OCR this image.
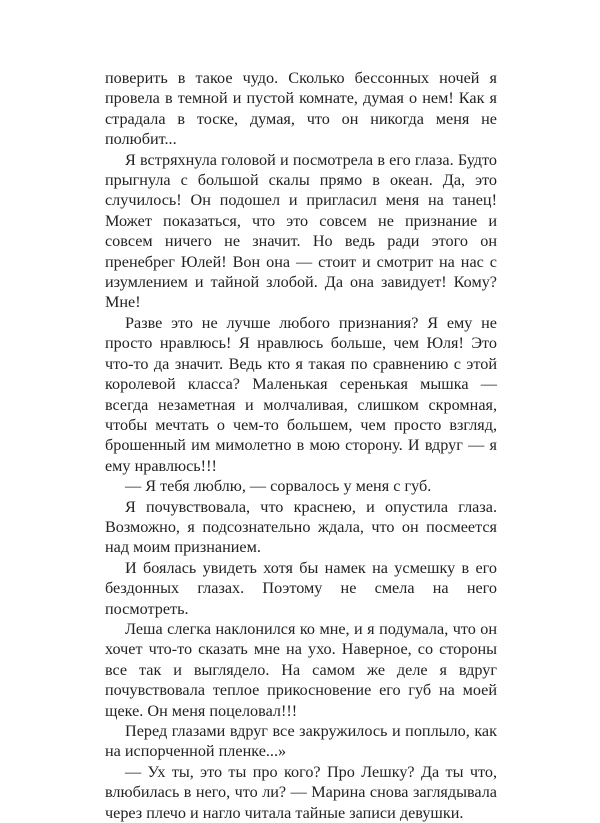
поверить в такое чудо. Сколько бессонных ночей я провела в темной и пустой комнате, думая о нем! Как я страдала в тоске, думая, что он никогда меня не полюбит...

Я встряхнула головой и посмотрела в его глаза. Будто прыгнула с большой скалы прямо в океан. Да, это случилось! Он подошел и пригласил меня на танец! Может показаться, что это совсем не признание и совсем ничего не значит. Но ведь ради этого он пренебрег Юлей! Вон она — стоит и смотрит на нас с изумлением и тайной злобой. Да она завидует! Кому? Мне!

Разве это не лучше любого признания? Я ему не просто нравлюсь! Я нравлюсь больше, чем Юля! Это что-то да значит. Ведь кто я такая по сравнению с этой королевой класса? Маленькая серенькая мышка — всегда незаметная и молчаливая, слишком скромная, чтобы мечтать о чем-то большем, чем просто взгляд, брошенный им мимолетно в мою сторону. И вдруг — я ему нравлюсь!!!

— Я тебя люблю, — сорвалось у меня с губ.

Я почувствовала, что краснею, и опустила глаза. Возможно, я подсознательно ждала, что он посмеется над моим признанием.

И боялась увидеть хотя бы намек на усмешку в его бездонных глазах. Поэтому не смела на него посмотреть.

Леша слегка наклонился ко мне, и я подумала, что он хочет что-то сказать мне на ухо. Наверное, со стороны все так и выглядело. На самом же деле я вдруг почувствовала теплое прикосновение его губ на моей щеке. Он меня поцеловал!!!

Перед глазами вдруг все закружилось и поплыло, как на испорченной пленке...»

— Ух ты, это ты про кого? Про Лешку? Да ты что, влюбилась в него, что ли? — Марина снова заглядывала через плечо и нагло читала тайные записи девушки.
